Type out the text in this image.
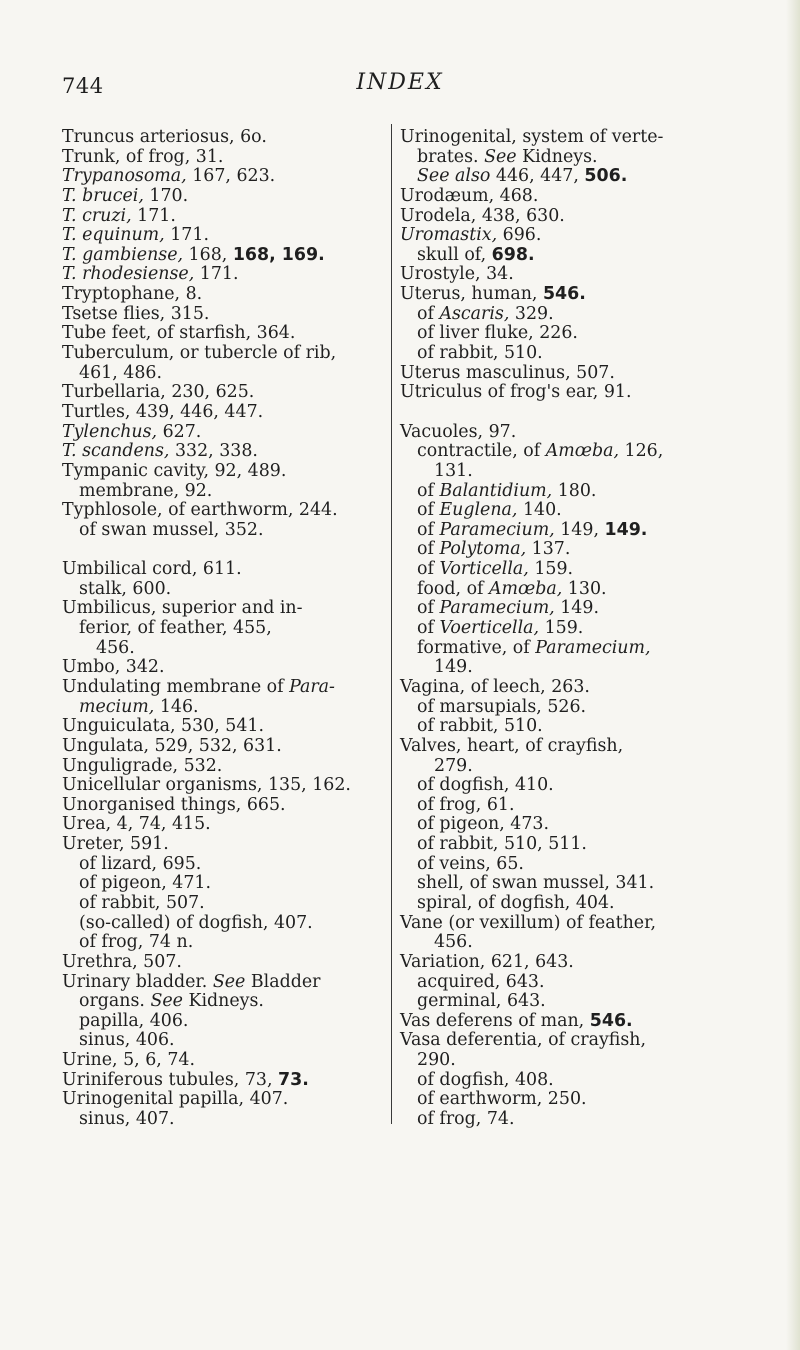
744	INDEX
Truncus arteriosus, 6o.
Trunk, of frog, 31.
Trypanosoma, 167, 623.
T. brucei, 170.
T. cruzi, 171.
T. equinum, 171.
T. gambiense, 168, 168, 169.
T. rhodesiense, 171.
Tryptophane, 8.
Tsetse flies, 315.
Tube feet, of starfish, 364.
Tuberculum, or tubercle of rib,
461, 486.
Turbellaria, 230, 625.
Turtles, 439, 446, 447.
Tylenchus, 627.
T. scandens, 332, 338.
Tympanic cavity, 92, 489.
membrane, 92.
Typhlosole, of earthworm, 244.
of swan mussel, 352.
Umbilical cord, 611.
stalk, 600.
Umbilicus, superior and in-
ferior, of feather, 455,
456.
Umbo, 342.
Undulating membrane of Para-
mecium, 146.
Unguiculata, 530, 541.
Ungulata, 529, 532, 631.
Unguligrade, 532.
Unicellular organisms, 135, 162.
Unorganised things, 665.
Urea, 4, 74, 415.
Ureter, 591.
of lizard, 695.
of pigeon, 471.
of rabbit, 507.
(so-called) of dogfish, 407.
of frog, 74 n.
Urethra, 507.
Urinary bladder. See Bladder
organs. See Kidneys.
papilla, 406.
sinus, 406.
Urine, 5, 6, 74.
Uriniferous tubules, 73, 73.
Urinogenital papilla, 407.
sinus, 407.
Urinogenital, system of verte-
brates. See Kidneys.
See also 446, 447, 506.
Urodæum, 468.
Urodela, 438, 630.
Uromastix, 696.
skull of, 698.
Urostyle, 34.
Uterus, human, 546.
of Ascaris, 329.
of liver fluke, 226.
of rabbit, 510.
Uterus masculinus, 507.
Utriculus of frog's ear, 91.
Vacuoles, 97.
contractile, of Amœba, 126,
131.
of Balantidium, 180.
of Euglena, 140.
of Paramecium, 149, 149.
of Polytoma, 137.
of Vorticella, 159.
food, of Amœba, 130.
of Paramecium, 149.
of Voerticella, 159.
formative, of Paramecium,
149.
Vagina, of leech, 263.
of marsupials, 526.
of rabbit, 510.
Valves, heart, of crayfish,
279.
of dogfish, 410.
of frog, 61.
of pigeon, 473.
of rabbit, 510, 511.
of veins, 65.
shell, of swan mussel, 341.
spiral, of dogfish, 404.
Vane (or vexillum) of feather,
456.
Variation, 621, 643.
acquired, 643.
germinal, 643.
Vas deferens of man, 546.
Vasa deferentia, of crayfish,
290.
of dogfish, 408.
of earthworm, 250.
of frog, 74.
